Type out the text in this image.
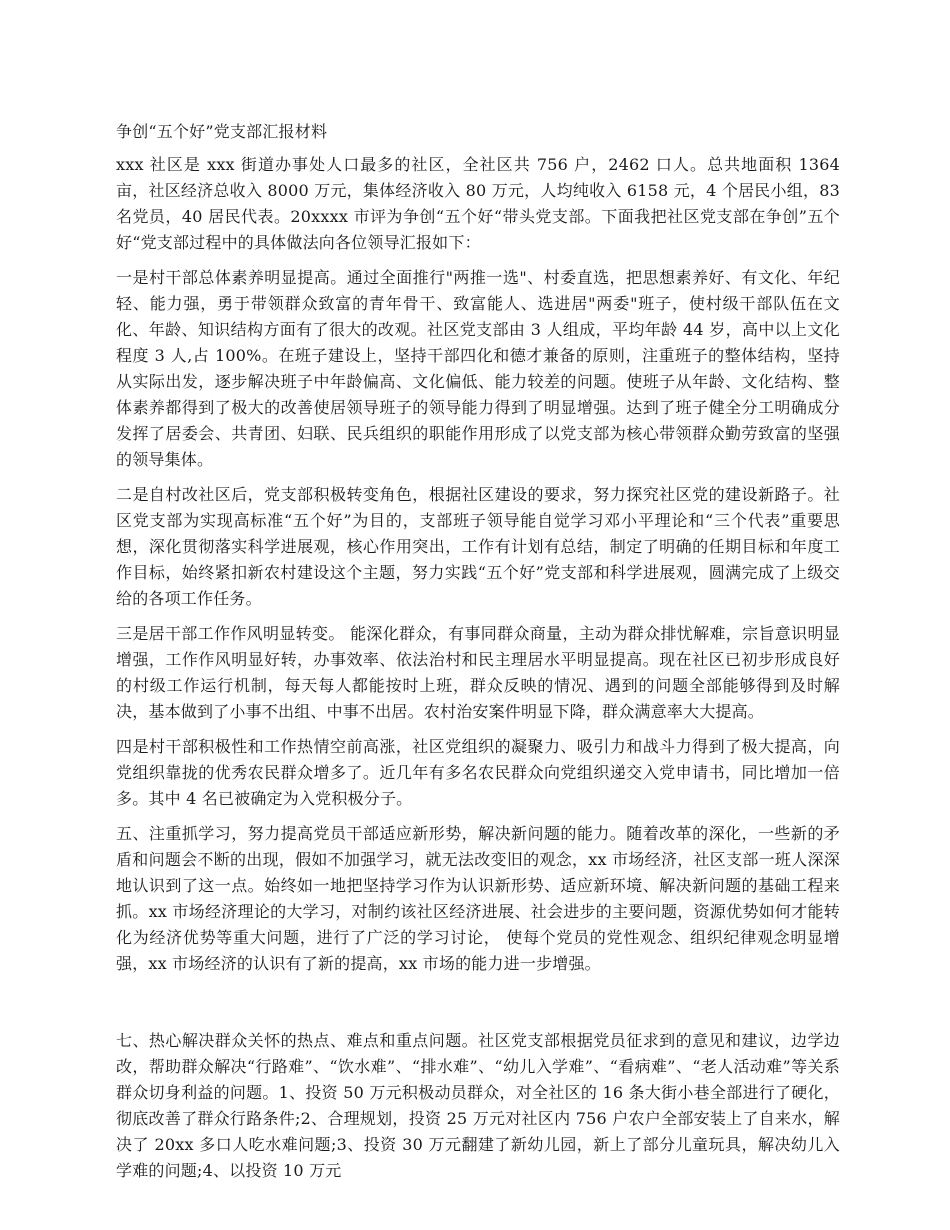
争创“五个好”党支部汇报材料

xxx 社区是 xxx 街道办事处人口最多的社区，全社区共 756 户，2462 口人。总共地面积 1364 亩，社区经济总收入 8000 万元，集体经济收入 80 万元，人均纯收入 6158 元，4 个居民小组，83 名党员，40 居民代表。20xxxx 市评为争创“五个好“带头党支部。下面我把社区党支部在争创”五个好“党支部过程中的具体做法向各位领导汇报如下：

一是村干部总体素养明显提高。通过全面推行"两推一选"、村委直选，把思想素养好、有文化、年纪轻、能力强，勇于带领群众致富的青年骨干、致富能人、选进居"两委"班子，使村级干部队伍在文化、年龄、知识结构方面有了很大的改观。社区党支部由 3 人组成，平均年龄 44 岁，高中以上文化程度 3 人,占 100%。在班子建设上，坚持干部四化和德才兼备的原则，注重班子的整体结构，坚持从实际出发，逐步解决班子中年龄偏高、文化偏低、能力较差的问题。使班子从年龄、文化结构、整体素养都得到了极大的改善使居领导班子的领导能力得到了明显增强。达到了班子健全分工明确成分发挥了居委会、共青团、妇联、民兵组织的职能作用形成了以党支部为核心带领群众勤劳致富的坚强的领导集体。

二是自村改社区后，党支部积极转变角色，根据社区建设的要求，努力探究社区党的建设新路子。社区党支部为实现高标准“五个好”为目的，支部班子领导能自觉学习邓小平理论和“三个代表”重要思想，深化贯彻落实科学进展观，核心作用突出，工作有计划有总结，制定了明确的任期目标和年度工作目标，始终紧扣新农村建设这个主题，努力实践“五个好”党支部和科学进展观，圆满完成了上级交给的各项工作任务。

三是居干部工作作风明显转变。 能深化群众，有事同群众商量，主动为群众排忧解难，宗旨意识明显增强，工作作风明显好转，办事效率、依法治村和民主理居水平明显提高。现在社区已初步形成良好的村级工作运行机制，每天每人都能按时上班，群众反映的情况、遇到的问题全部能够得到及时解决，基本做到了小事不出组、中事不出居。农村治安案件明显下降，群众满意率大大提高。

四是村干部积极性和工作热情空前高涨，社区党组织的凝聚力、吸引力和战斗力得到了极大提高，向党组织靠拢的优秀农民群众增多了。近几年有多名农民群众向党组织递交入党申请书，同比增加一倍多。其中 4 名已被确定为入党积极分子。

五、注重抓学习，努力提高党员干部适应新形势，解决新问题的能力。随着改革的深化，一些新的矛盾和问题会不断的出现，假如不加强学习，就无法改变旧的观念，xx 市场经济，社区支部一班人深深地认识到了这一点。始终如一地把坚持学习作为认识新形势、适应新环境、解决新问题的基础工程来抓。xx 市场经济理论的大学习，对制约该社区经济进展、社会进步的主要问题，资源优势如何才能转化为经济优势等重大问题，进行了广泛的学习讨论， 使每个党员的党性观念、组织纪律观念明显增强，xx 市场经济的认识有了新的提高，xx 市场的能力进一步增强。

七、热心解决群众关怀的热点、难点和重点问题。社区党支部根据党员征求到的意见和建议，边学边改，帮助群众解决“行路难”、“饮水难”、“排水难”、“幼儿入学难”、“看病难”、“老人活动难”等关系群众切身利益的问题。1、投资 50 万元积极动员群众，对全社区的 16 条大街小巷全部进行了硬化，彻底改善了群众行路条件;2、合理规划，投资 25 万元对社区内 756 户农户全部安装上了自来水，解决了 20xx 多口人吃水难问题;3、投资 30 万元翻建了新幼儿园，新上了部分儿童玩具，解决幼儿入学难的问题;4、以投资 10 万元
